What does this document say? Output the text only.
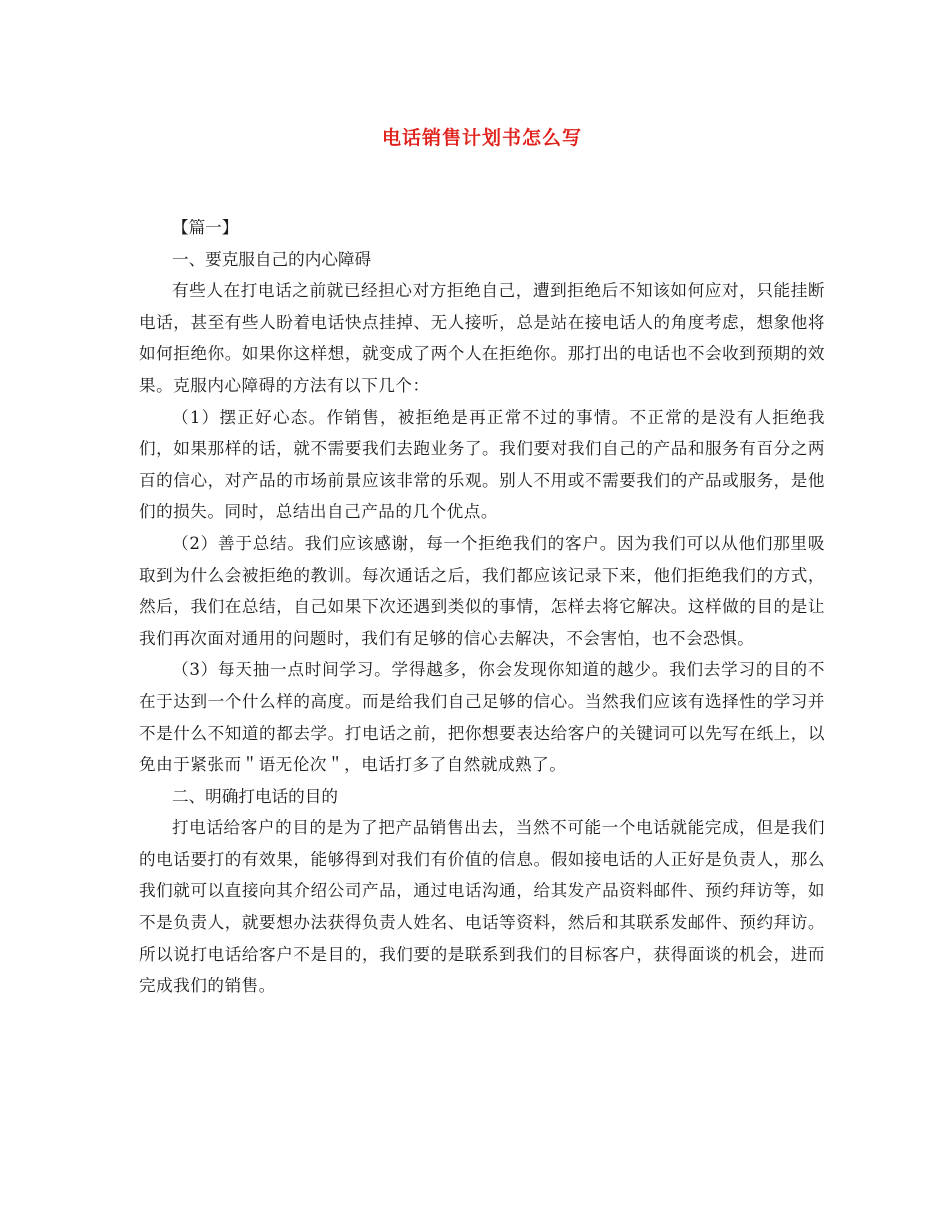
电话销售计划书怎么写

【篇一】

一、要克服自己的内心障碍

有些人在打电话之前就已经担心对方拒绝自己，遭到拒绝后不知该如何应对，只能挂断电话，甚至有些人盼着电话快点挂掉、无人接听，总是站在接电话人的角度考虑，想象他将如何拒绝你。如果你这样想，就变成了两个人在拒绝你。那打出的电话也不会收到预期的效果。克服内心障碍的方法有以下几个：

（1）摆正好心态。作销售，被拒绝是再正常不过的事情。不正常的是没有人拒绝我们，如果那样的话，就不需要我们去跑业务了。我们要对我们自己的产品和服务有百分之两百的信心，对产品的市场前景应该非常的乐观。别人不用或不需要我们的产品或服务，是他们的损失。同时，总结出自己产品的几个优点。

（2）善于总结。我们应该感谢，每一个拒绝我们的客户。因为我们可以从他们那里吸取到为什么会被拒绝的教训。每次通话之后，我们都应该记录下来，他们拒绝我们的方式，然后，我们在总结，自己如果下次还遇到类似的事情，怎样去将它解决。这样做的目的是让我们再次面对通用的问题时，我们有足够的信心去解决，不会害怕，也不会恐惧。

（3）每天抽一点时间学习。学得越多，你会发现你知道的越少。我们去学习的目的不在于达到一个什么样的高度。而是给我们自己足够的信心。当然我们应该有选择性的学习并不是什么不知道的都去学。打电话之前，把你想要表达给客户的关键词可以先写在纸上，以免由于紧张而＂语无伦次＂，电话打多了自然就成熟了。

二、明确打电话的目的

打电话给客户的目的是为了把产品销售出去，当然不可能一个电话就能完成，但是我们的电话要打的有效果，能够得到对我们有价值的信息。假如接电话的人正好是负责人，那么我们就可以直接向其介绍公司产品，通过电话沟通，给其发产品资料邮件、预约拜访等，如不是负责人，就要想办法获得负责人姓名、电话等资料，然后和其联系发邮件、预约拜访。所以说打电话给客户不是目的，我们要的是联系到我们的目标客户，获得面谈的机会，进而完成我们的销售。
